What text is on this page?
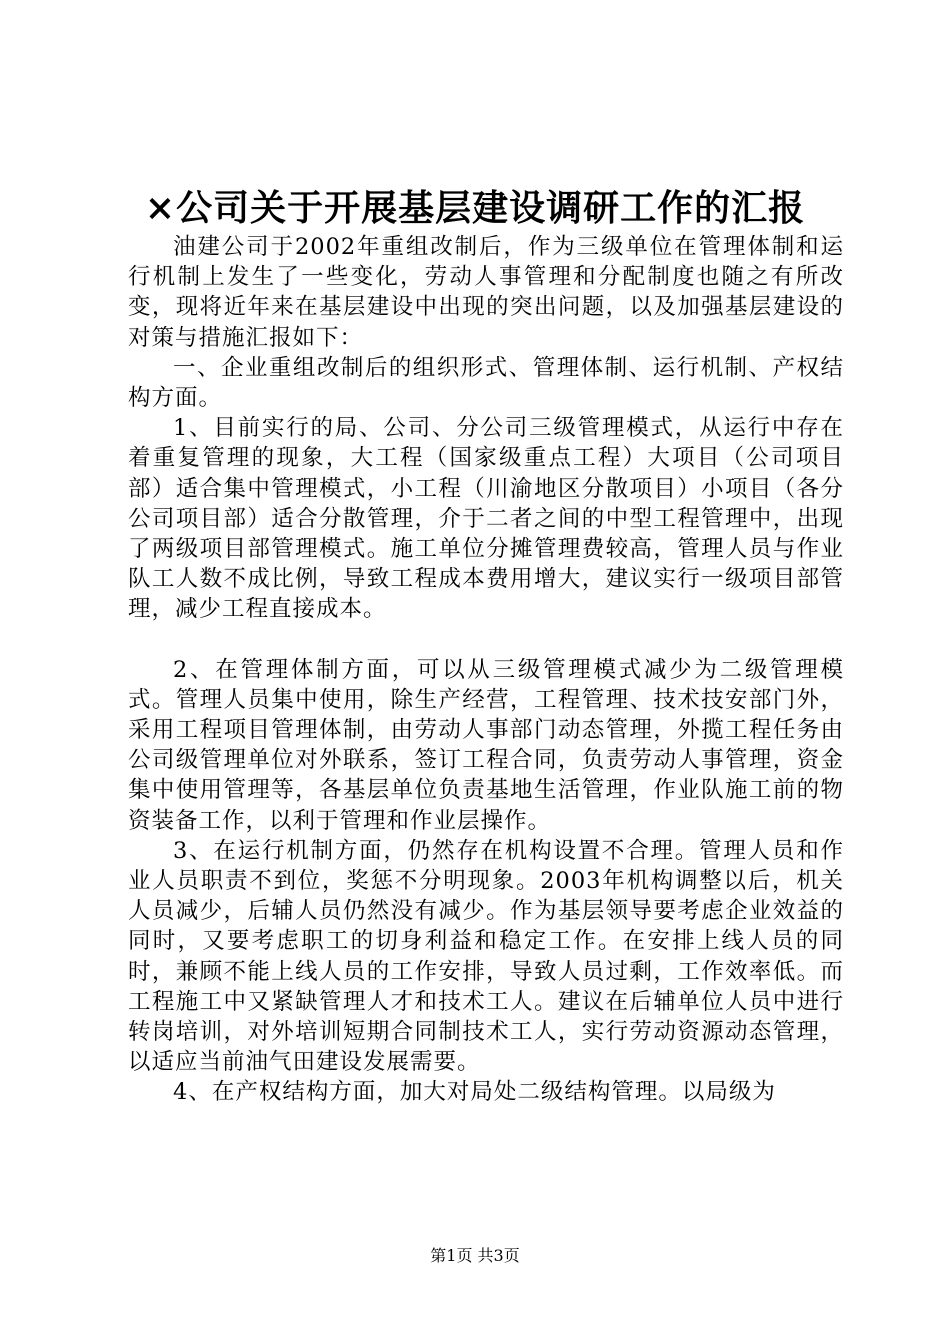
×公司关于开展基层建设调研工作的汇报

油建公司于2002年重组改制后，作为三级单位在管理体制和运行机制上发生了一些变化，劳动人事管理和分配制度也随之有所改变，现将近年来在基层建设中出现的突出问题，以及加强基层建设的对策与措施汇报如下：

一、企业重组改制后的组织形式、管理体制、运行机制、产权结构方面。

1、目前实行的局、公司、分公司三级管理模式，从运行中存在着重复管理的现象，大工程（国家级重点工程）大项目（公司项目部）适合集中管理模式，小工程（川渝地区分散项目）小项目（各分公司项目部）适合分散管理，介于二者之间的中型工程管理中，出现了两级项目部管理模式。施工单位分摊管理费较高，管理人员与作业队工人数不成比例，导致工程成本费用增大，建议实行一级项目部管理，减少工程直接成本。

2、在管理体制方面，可以从三级管理模式减少为二级管理模式。管理人员集中使用，除生产经营，工程管理、技术技安部门外，采用工程项目管理体制，由劳动人事部门动态管理，外揽工程任务由公司级管理单位对外联系，签订工程合同，负责劳动人事管理，资金集中使用管理等，各基层单位负责基地生活管理，作业队施工前的物资装备工作，以利于管理和作业层操作。

3、在运行机制方面，仍然存在机构设置不合理。管理人员和作业人员职责不到位，奖惩不分明现象。2003年机构调整以后，机关人员减少，后辅人员仍然没有减少。作为基层领导要考虑企业效益的同时，又要考虑职工的切身利益和稳定工作。在安排上线人员的同时，兼顾不能上线人员的工作安排，导致人员过剩，工作效率低。而工程施工中又紧缺管理人才和技术工人。建议在后辅单位人员中进行转岗培训，对外培训短期合同制技术工人，实行劳动资源动态管理，以适应当前油气田建设发展需要。

4、在产权结构方面，加大对局处二级结构管理。以局级为

第1页 共3页
